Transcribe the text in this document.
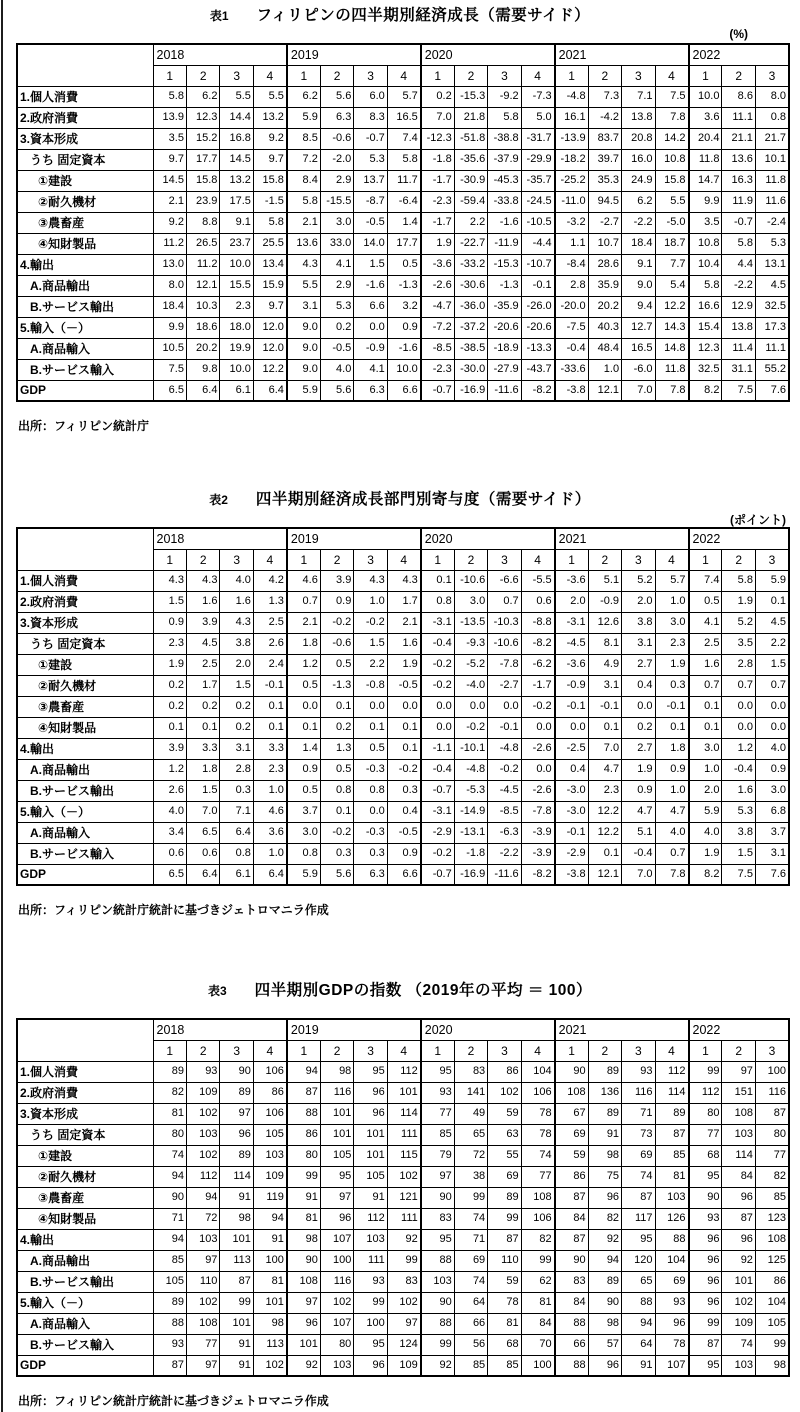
表1 フィリピンの四半期別経済成長（需要サイド）
(%)
	2018				2019				2020				2021				2022		
	1	2	3	4	1	2	3	4	1	2	3	4	1	2	3	4	1	2	3
1.個人消費	5.8	6.2	5.5	5.5	6.2	5.6	6.0	5.7	0.2	-15.3	-9.2	-7.3	-4.8	7.3	7.1	7.5	10.0	8.6	8.0
2.政府消費	13.9	12.3	14.4	13.2	5.9	6.3	8.3	16.5	7.0	21.8	5.8	5.0	16.1	-4.2	13.8	7.8	3.6	11.1	0.8
3.資本形成	3.5	15.2	16.8	9.2	8.5	-0.6	-0.7	7.4	-12.3	-51.8	-38.8	-31.7	-13.9	83.7	20.8	14.2	20.4	21.1	21.7
うち 固定資本	9.7	17.7	14.5	9.7	7.2	-2.0	5.3	5.8	-1.8	-35.6	-37.9	-29.9	-18.2	39.7	16.0	10.8	11.8	13.6	10.1
①建設	14.5	15.8	13.2	15.8	8.4	2.9	13.7	11.7	-1.7	-30.9	-45.3	-35.7	-25.2	35.3	24.9	15.8	14.7	16.3	11.8
②耐久機材	2.1	23.9	17.5	-1.5	5.8	-15.5	-8.7	-6.4	-2.3	-59.4	-33.8	-24.5	-11.0	94.5	6.2	5.5	9.9	11.9	11.6
③農畜産	9.2	8.8	9.1	5.8	2.1	3.0	-0.5	1.4	-1.7	2.2	-1.6	-10.5	-3.2	-2.7	-2.2	-5.0	3.5	-0.7	-2.4
④知財製品	11.2	26.5	23.7	25.5	13.6	33.0	14.0	17.7	1.9	-22.7	-11.9	-4.4	1.1	10.7	18.4	18.7	10.8	5.8	5.3
4.輸出	13.0	11.2	10.0	13.4	4.3	4.1	1.5	0.5	-3.6	-33.2	-15.3	-10.7	-8.4	28.6	9.1	7.7	10.4	4.4	13.1
A.商品輸出	8.0	12.1	15.5	15.9	5.5	2.9	-1.6	-1.3	-2.6	-30.6	-1.3	-0.1	2.8	35.9	9.0	5.4	5.8	-2.2	4.5
B.サービス輸出	18.4	10.3	2.3	9.7	3.1	5.3	6.6	3.2	-4.7	-36.0	-35.9	-26.0	-20.0	20.2	9.4	12.2	16.6	12.9	32.5
5.輸入（－）	9.9	18.6	18.0	12.0	9.0	0.2	0.0	0.9	-7.2	-37.2	-20.6	-20.6	-7.5	40.3	12.7	14.3	15.4	13.8	17.3
A.商品輸入	10.5	20.2	19.9	12.0	9.0	-0.5	-0.9	-1.6	-8.5	-38.5	-18.9	-13.3	-0.4	48.4	16.5	14.8	12.3	11.4	11.1
B.サービス輸入	7.5	9.8	10.0	12.2	9.0	4.0	4.1	10.0	-2.3	-30.0	-27.9	-43.7	-33.6	1.0	-6.0	11.8	32.5	31.1	55.2
GDP	6.5	6.4	6.1	6.4	5.9	5.6	6.3	6.6	-0.7	-16.9	-11.6	-8.2	-3.8	12.1	7.0	7.8	8.2	7.5	7.6
出所：フィリピン統計庁
表2 四半期別経済成長部門別寄与度（需要サイド）
(ポイント)
	2018				2019				2020				2021				2022		
	1	2	3	4	1	2	3	4	1	2	3	4	1	2	3	4	1	2	3
1.個人消費	4.3	4.3	4.0	4.2	4.6	3.9	4.3	4.3	0.1	-10.6	-6.6	-5.5	-3.6	5.1	5.2	5.7	7.4	5.8	5.9
2.政府消費	1.5	1.6	1.6	1.3	0.7	0.9	1.0	1.7	0.8	3.0	0.7	0.6	2.0	-0.9	2.0	1.0	0.5	1.9	0.1
3.資本形成	0.9	3.9	4.3	2.5	2.1	-0.2	-0.2	2.1	-3.1	-13.5	-10.3	-8.8	-3.1	12.6	3.8	3.0	4.1	5.2	4.5
うち 固定資本	2.3	4.5	3.8	2.6	1.8	-0.6	1.5	1.6	-0.4	-9.3	-10.6	-8.2	-4.5	8.1	3.1	2.3	2.5	3.5	2.2
①建設	1.9	2.5	2.0	2.4	1.2	0.5	2.2	1.9	-0.2	-5.2	-7.8	-6.2	-3.6	4.9	2.7	1.9	1.6	2.8	1.5
②耐久機材	0.2	1.7	1.5	-0.1	0.5	-1.3	-0.8	-0.5	-0.2	-4.0	-2.7	-1.7	-0.9	3.1	0.4	0.3	0.7	0.7	0.7
③農畜産	0.2	0.2	0.2	0.1	0.0	0.1	0.0	0.0	0.0	0.0	0.0	-0.2	-0.1	-0.1	0.0	-0.1	0.1	0.0	0.0
④知財製品	0.1	0.1	0.2	0.1	0.1	0.2	0.1	0.1	0.0	-0.2	-0.1	0.0	0.0	0.1	0.2	0.1	0.1	0.0	0.0
4.輸出	3.9	3.3	3.1	3.3	1.4	1.3	0.5	0.1	-1.1	-10.1	-4.8	-2.6	-2.5	7.0	2.7	1.8	3.0	1.2	4.0
A.商品輸出	1.2	1.8	2.8	2.3	0.9	0.5	-0.3	-0.2	-0.4	-4.8	-0.2	0.0	0.4	4.7	1.9	0.9	1.0	-0.4	0.9
B.サービス輸出	2.6	1.5	0.3	1.0	0.5	0.8	0.8	0.3	-0.7	-5.3	-4.5	-2.6	-3.0	2.3	0.9	1.0	2.0	1.6	3.0
5.輸入（－）	4.0	7.0	7.1	4.6	3.7	0.1	0.0	0.4	-3.1	-14.9	-8.5	-7.8	-3.0	12.2	4.7	4.7	5.9	5.3	6.8
A.商品輸入	3.4	6.5	6.4	3.6	3.0	-0.2	-0.3	-0.5	-2.9	-13.1	-6.3	-3.9	-0.1	12.2	5.1	4.0	4.0	3.8	3.7
B.サービス輸入	0.6	0.6	0.8	1.0	0.8	0.3	0.3	0.9	-0.2	-1.8	-2.2	-3.9	-2.9	0.1	-0.4	0.7	1.9	1.5	3.1
GDP	6.5	6.4	6.1	6.4	5.9	5.6	6.3	6.6	-0.7	-16.9	-11.6	-8.2	-3.8	12.1	7.0	7.8	8.2	7.5	7.6
出所：フィリピン統計庁統計に基づきジェトロマニラ作成
表3 四半期別GDPの指数 （2019年の平均 ＝ 100）
	2018				2019				2020				2021				2022		
	1	2	3	4	1	2	3	4	1	2	3	4	1	2	3	4	1	2	3
1.個人消費	89	93	90	106	94	98	95	112	95	83	86	104	90	89	93	112	99	97	100
2.政府消費	82	109	89	86	87	116	96	101	93	141	102	106	108	136	116	114	112	151	116
3.資本形成	81	102	97	106	88	101	96	114	77	49	59	78	67	89	71	89	80	108	87
うち 固定資本	80	103	96	105	86	101	101	111	85	65	63	78	69	91	73	87	77	103	80
①建設	74	102	89	103	80	105	101	115	79	72	55	74	59	98	69	85	68	114	77
②耐久機材	94	112	114	109	99	95	105	102	97	38	69	77	86	75	74	81	95	84	82
③農畜産	90	94	91	119	91	97	91	121	90	99	89	108	87	96	87	103	90	96	85
④知財製品	71	72	98	94	81	96	112	111	83	74	99	106	84	82	117	126	93	87	123
4.輸出	94	103	101	91	98	107	103	92	95	71	87	82	87	92	95	88	96	96	108
A.商品輸出	85	97	113	100	90	100	111	99	88	69	110	99	90	94	120	104	96	92	125
B.サービス輸出	105	110	87	81	108	116	93	83	103	74	59	62	83	89	65	69	96	101	86
5.輸入（－）	89	102	99	101	97	102	99	102	90	64	78	81	84	90	88	93	96	102	104
A.商品輸入	88	108	101	98	96	107	100	97	88	66	81	84	88	98	94	96	99	109	105
B.サービス輸入	93	77	91	113	101	80	95	124	99	56	68	70	66	57	64	78	87	74	99
GDP	87	97	91	102	92	103	96	109	92	85	85	100	88	96	91	107	95	103	98
出所：フィリピン統計庁統計に基づきジェトロマニラ作成
